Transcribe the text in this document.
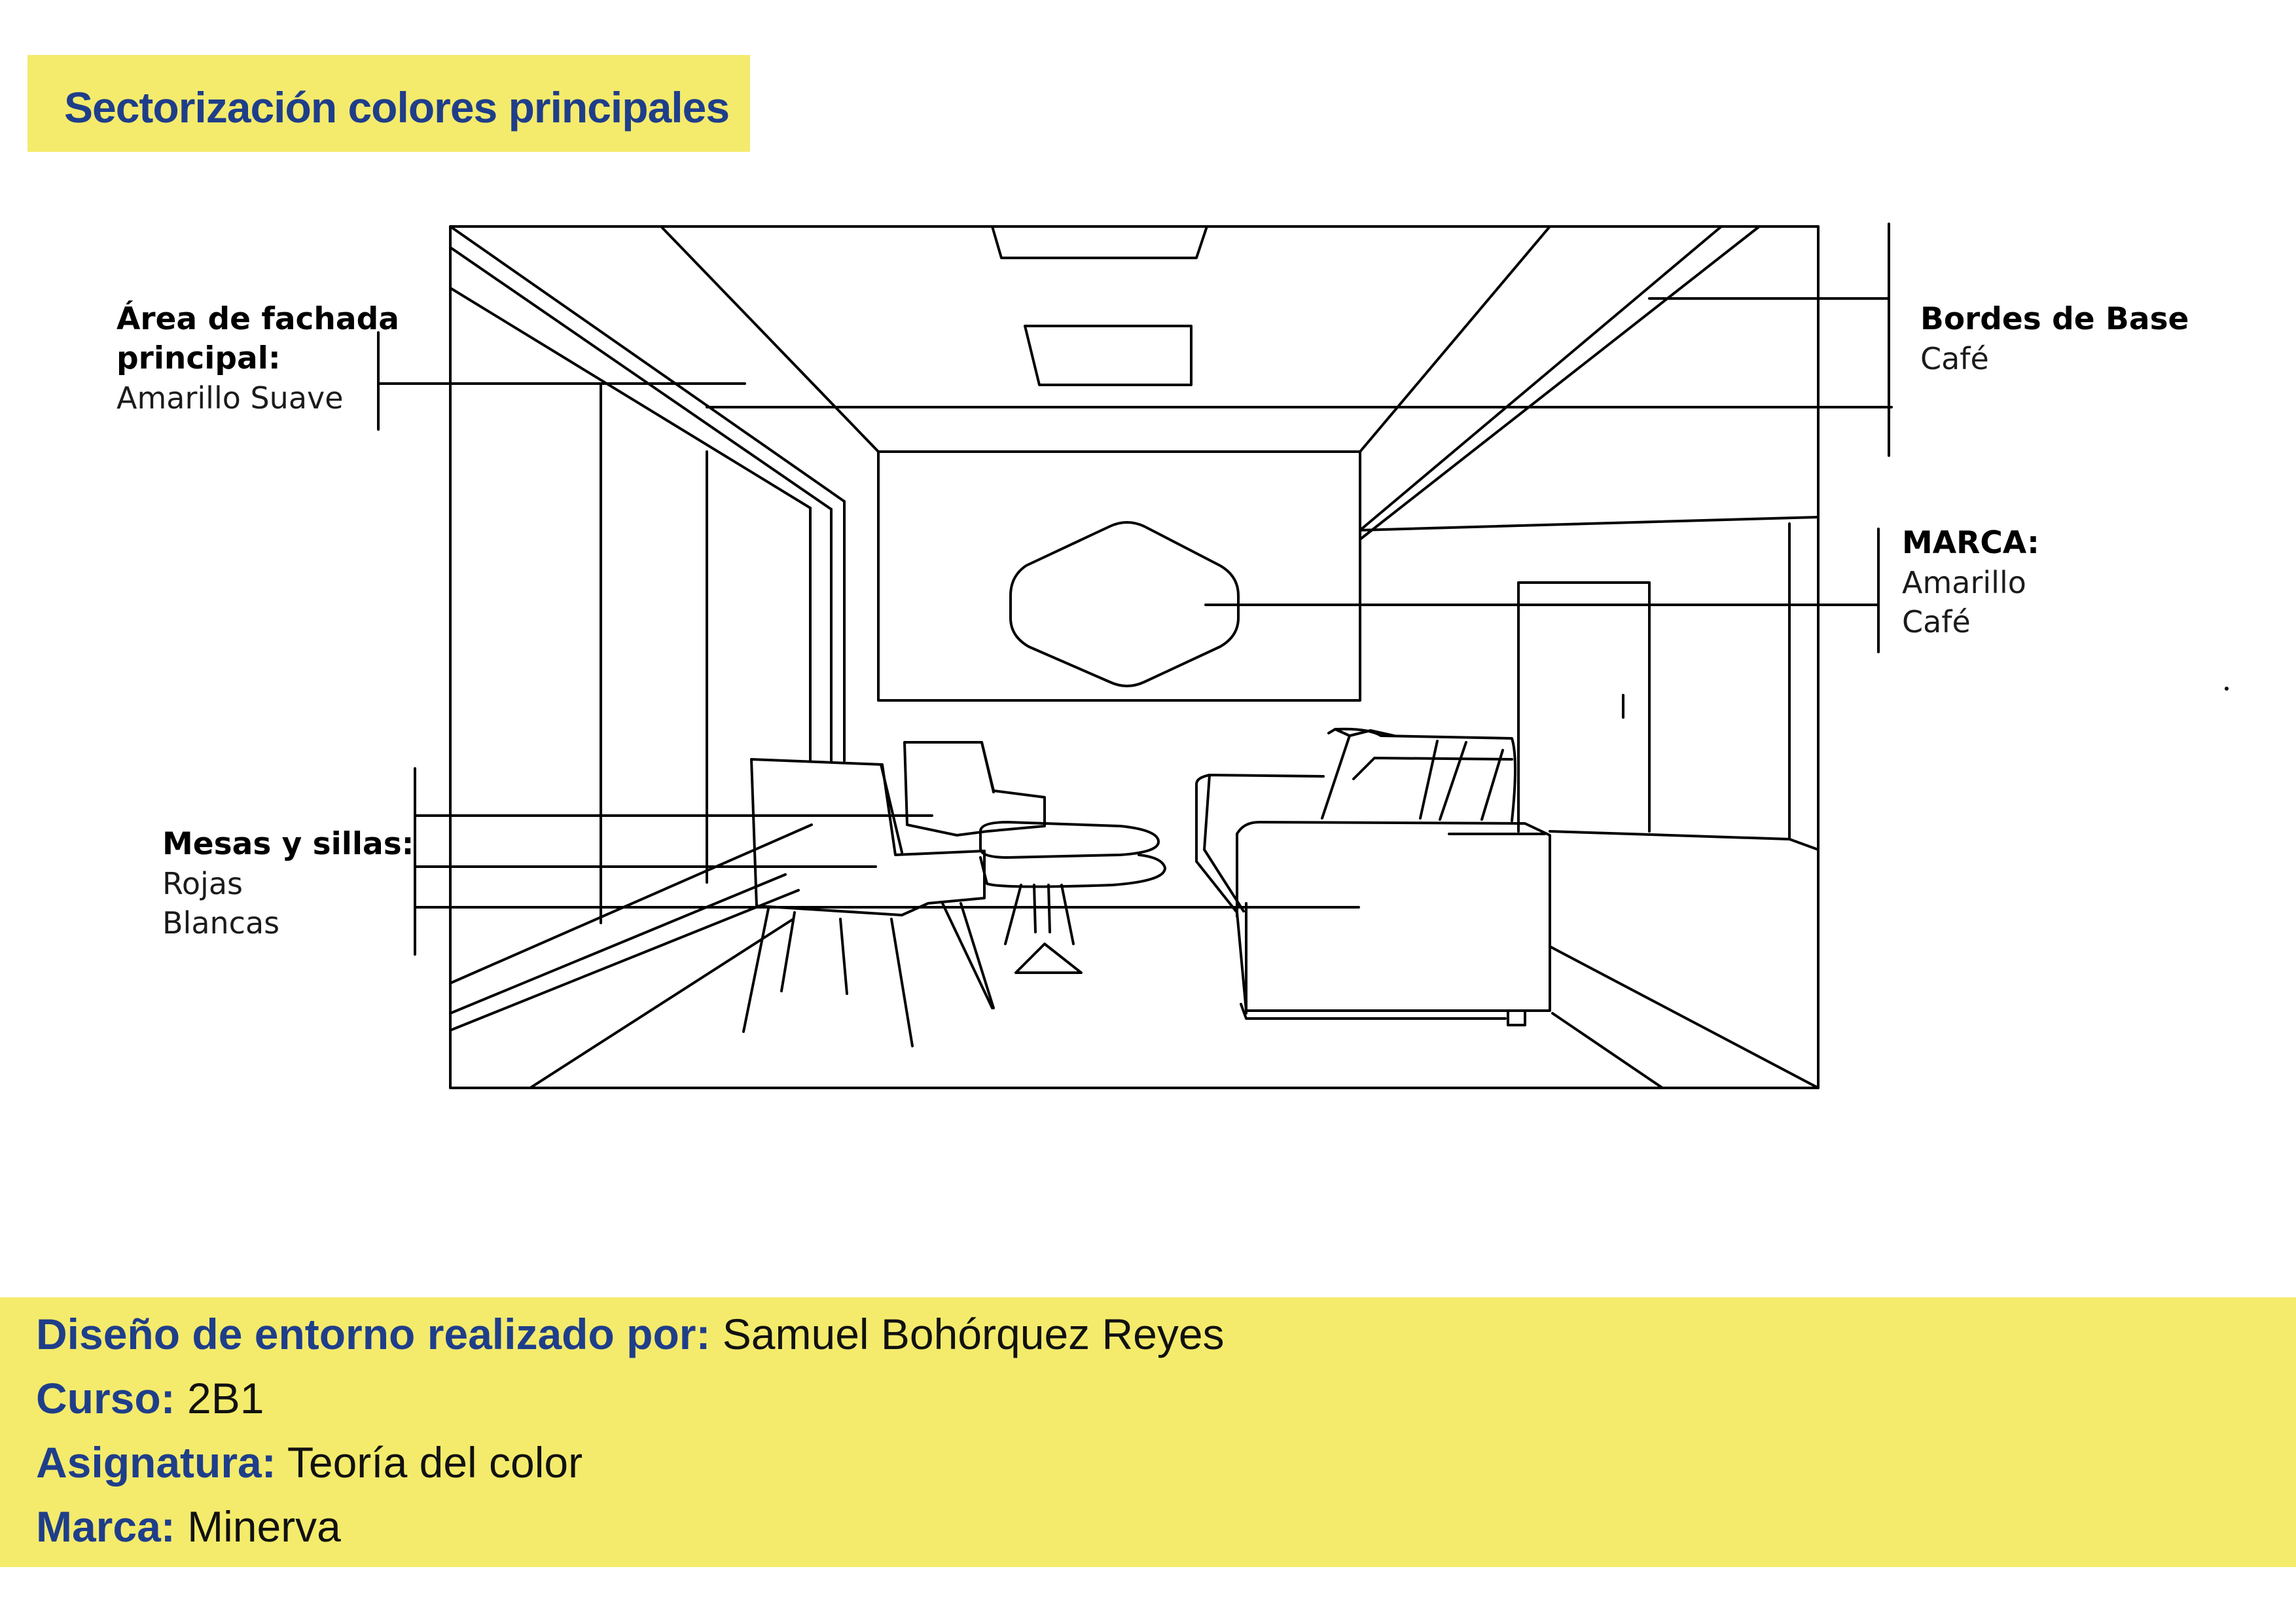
Sectorización colores principales
Área de fachada
principal:
Amarillo Suave
Bordes de Base
Café
MARCA:
Amarillo
Café
Mesas y sillas:
Rojas
Blancas
Diseño de entorno realizado por: Samuel Bohórquez Reyes
Curso: 2B1
Asignatura: Teoría del color
Marca: Minerva
